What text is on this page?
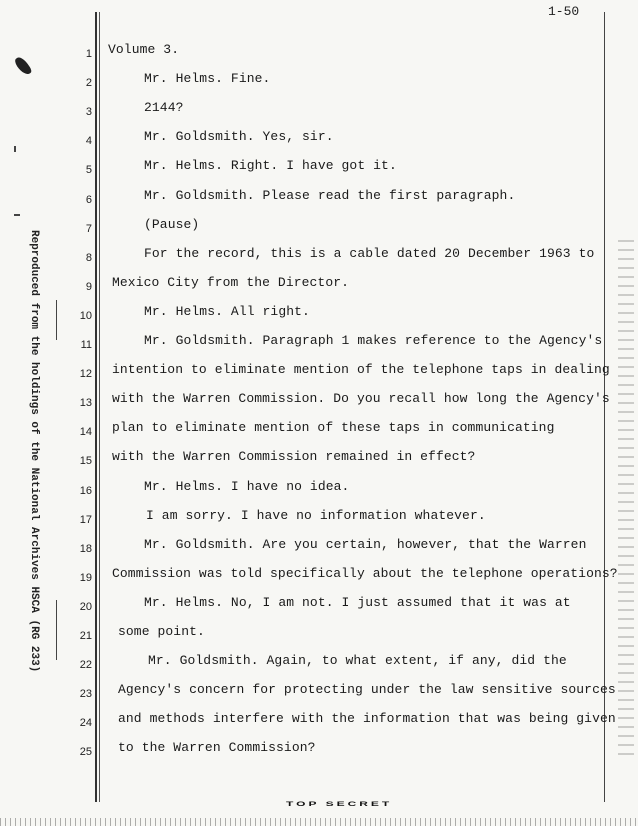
1-50
Reproduced from the holdings of the National Archives HSCA (RG 233)
1 Volume 3.
2	Mr. Helms. Fine.
3	2144?
4	Mr. Goldsmith. Yes, sir.
5	Mr. Helms. Right. I have got it.
6	Mr. Goldsmith. Please read the first paragraph.
7	(Pause)
8	For the record, this is a cable dated 20 December 1963 to
9 Mexico City from the Director.
10	Mr. Helms. All right.
11	Mr. Goldsmith. Paragraph 1 makes reference to the Agency's
12 intention to eliminate mention of the telephone taps in dealing
13 with the Warren Commission. Do you recall how long the Agency's
14 plan to eliminate mention of these taps in communicating
15 with the Warren Commission remained in effect?
16	Mr. Helms. I have no idea.
17	I am sorry. I have no information whatever.
18	Mr. Goldsmith. Are you certain, however, that the Warren
19 Commission was told specifically about the telephone operations?
20	Mr. Helms. No, I am not. I just assumed that it was at
21 some point.
22	Mr. Goldsmith. Again, to what extent, if any, did the
23 Agency's concern for protecting under the law sensitive sources
24 and methods interfere with the information that was being given
25 to the Warren Commission?
TOP SECRET
